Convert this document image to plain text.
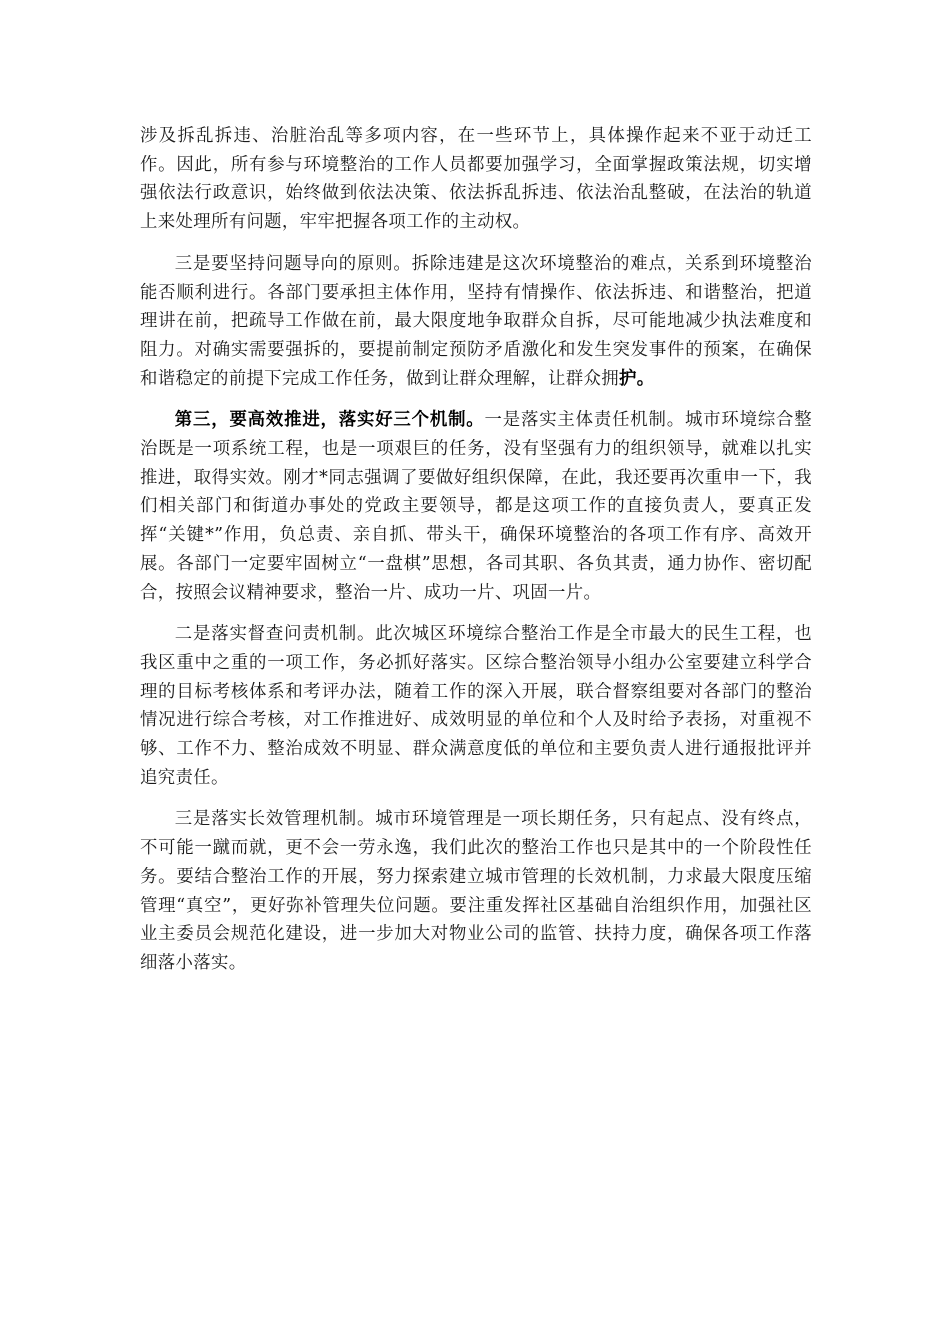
涉及拆乱拆违、治脏治乱等多项内容，在一些环节上，具体操作起来不亚于动迁工作。因此，所有参与环境整治的工作人员都要加强学习，全面掌握政策法规，切实增强依法行政意识，始终做到依法决策、依法拆乱拆违、依法治乱整破，在法治的轨道上来处理所有问题，牢牢把握各项工作的主动权。

三是要坚持问题导向的原则。拆除违建是这次环境整治的难点，关系到环境整治能否顺利进行。各部门要承担主体作用，坚持有情操作、依法拆违、和谐整治，把道理讲在前，把疏导工作做在前，最大限度地争取群众自拆，尽可能地减少执法难度和阻力。对确实需要强拆的，要提前制定预防矛盾激化和发生突发事件的预案，在确保和谐稳定的前提下完成工作任务，做到让群众理解，让群众拥护。

第三，要高效推进，落实好三个机制。一是落实主体责任机制。城市环境综合整治既是一项系统工程，也是一项艰巨的任务，没有坚强有力的组织领导，就难以扎实推进，取得实效。刚才*同志强调了要做好组织保障，在此，我还要再次重申一下，我们相关部门和街道办事处的党政主要领导，都是这项工作的直接负责人，要真正发挥“关键*”作用，负总责、亲自抓、带头干，确保环境整治的各项工作有序、高效开展。各部门一定要牢固树立“一盘棋”思想，各司其职、各负其责，通力协作、密切配合，按照会议精神要求，整治一片、成功一片、巩固一片。

二是落实督查问责机制。此次城区环境综合整治工作是全市最大的民生工程，也我区重中之重的一项工作，务必抓好落实。区综合整治领导小组办公室要建立科学合理的目标考核体系和考评办法，随着工作的深入开展，联合督察组要对各部门的整治情况进行综合考核，对工作推进好、成效明显的单位和个人及时给予表扬，对重视不够、工作不力、整治成效不明显、群众满意度低的单位和主要负责人进行通报批评并追究责任。

三是落实长效管理机制。城市环境管理是一项长期任务，只有起点、没有终点，不可能一蹴而就，更不会一劳永逸，我们此次的整治工作也只是其中的一个阶段性任务。要结合整治工作的开展，努力探索建立城市管理的长效机制，力求最大限度压缩管理“真空”，更好弥补管理失位问题。要注重发挥社区基础自治组织作用，加强社区业主委员会规范化建设，进一步加大对物业公司的监管、扶持力度，确保各项工作落细落小落实。
